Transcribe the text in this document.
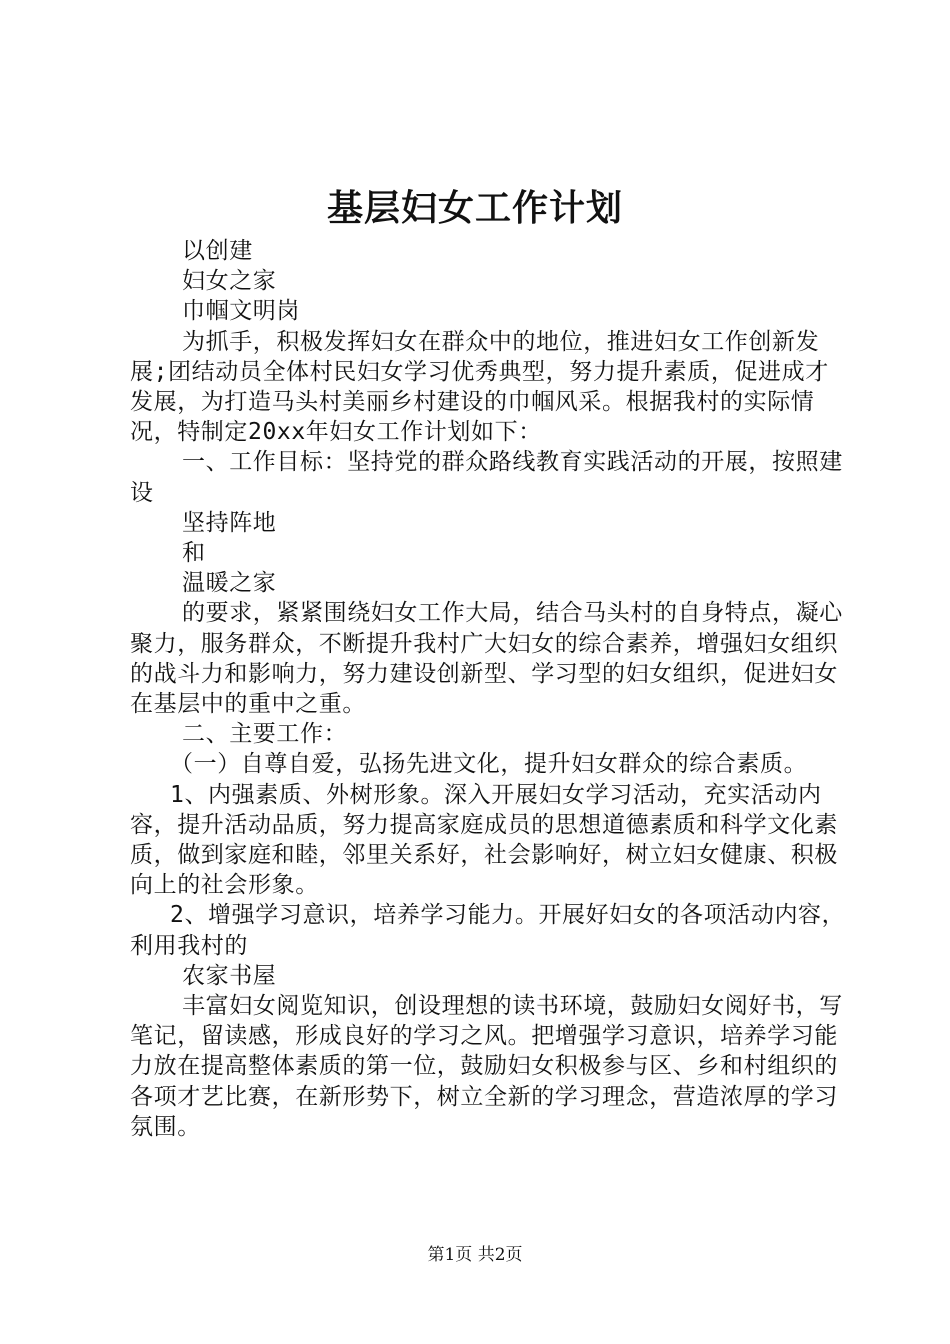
基层妇女工作计划

以创建

妇女之家

巾帼文明岗

为抓手，积极发挥妇女在群众中的地位，推进妇女工作创新发展;团结动员全体村民妇女学习优秀典型，努力提升素质，促进成才发展，为打造马头村美丽乡村建设的巾帼风采。根据我村的实际情况，特制定20xx年妇女工作计划如下：

一、工作目标：坚持党的群众路线教育实践活动的开展，按照建设

坚持阵地

和

温暖之家

的要求，紧紧围绕妇女工作大局，结合马头村的自身特点，凝心聚力，服务群众，不断提升我村广大妇女的综合素养，增强妇女组织的战斗力和影响力，努力建设创新型、学习型的妇女组织，促进妇女在基层中的重中之重。

二、主要工作：

（一）自尊自爱，弘扬先进文化，提升妇女群众的综合素质。

1、内强素质、外树形象。深入开展妇女学习活动，充实活动内容，提升活动品质，努力提高家庭成员的思想道德素质和科学文化素质，做到家庭和睦，邻里关系好，社会影响好，树立妇女健康、积极向上的社会形象。

2、增强学习意识，培养学习能力。开展好妇女的各项活动内容，利用我村的

农家书屋

丰富妇女阅览知识，创设理想的读书环境，鼓励妇女阅好书，写笔记，留读感，形成良好的学习之风。把增强学习意识，培养学习能力放在提高整体素质的第一位，鼓励妇女积极参与区、乡和村组织的各项才艺比赛，在新形势下，树立全新的学习理念，营造浓厚的学习氛围。

第1页 共2页
